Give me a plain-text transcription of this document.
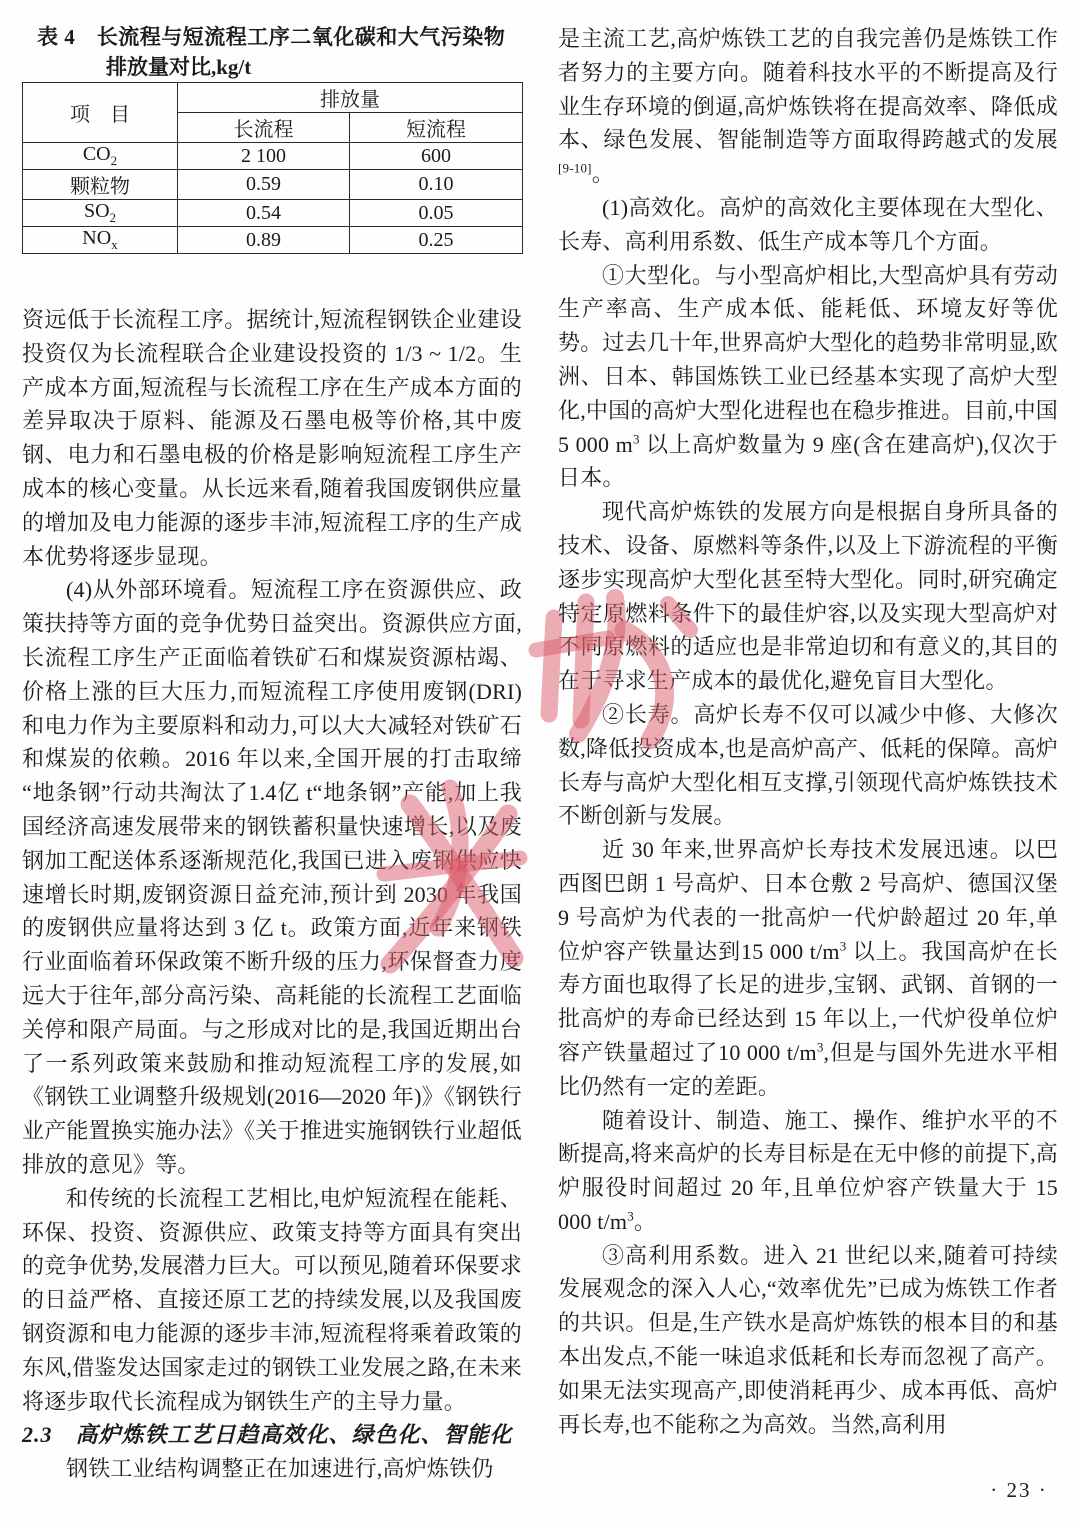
表 4　长流程与短流程工序二氧化碳和大气污染物
排放量对比,kg/t
项　目	排放量	
	长流程	短流程
$CO_2$	2 100	600
颗粒物	0.59	0.10
$SO_2$	0.54	0.05
$NO_x$	0.89	0.25
资远低于长流程工序。据统计,短流程钢铁企业建设投资仅为长流程联合企业建设投资的 1/3 ~ 1/2。生产成本方面,短流程与长流程工序在生产成本方面的差异取决于原料、能源及石墨电极等价格,其中废钢、电力和石墨电极的价格是影响短流程工序生产成本的核心变量。从长远来看,随着我国废钢供应量的增加及电力能源的逐步丰沛,短流程工序的生产成本优势将逐步显现。
(4)从外部环境看。短流程工序在资源供应、政策扶持等方面的竞争优势日益突出。资源供应方面,长流程工序生产正面临着铁矿石和煤炭资源枯竭、价格上涨的巨大压力,而短流程工序使用废钢(DRI)和电力作为主要原料和动力,可以大大减轻对铁矿石和煤炭的依赖。2016 年以来,全国开展的打击取缔“地条钢”行动共淘汰了1.4亿 t“地条钢”产能,加上我国经济高速发展带来的钢铁蓄积量快速增长,以及废钢加工配送体系逐渐规范化,我国已进入废钢供应快速增长时期,废钢资源日益充沛,预计到 2030 年我国的废钢供应量将达到 3 亿 t。政策方面,近年来钢铁行业面临着环保政策不断升级的压力,环保督查力度远大于往年,部分高污染、高耗能的长流程工艺面临关停和限产局面。与之形成对比的是,我国近期出台了一系列政策来鼓励和推动短流程工序的发展,如《钢铁工业调整升级规划(2016—2020 年)》《钢铁行业产能置换实施办法》《关于推进实施钢铁行业超低排放的意见》等。
和传统的长流程工艺相比,电炉短流程在能耗、环保、投资、资源供应、政策支持等方面具有突出的竞争优势,发展潜力巨大。可以预见,随着环保要求的日益严格、直接还原工艺的持续发展,以及我国废钢资源和电力能源的逐步丰沛,短流程将乘着政策的东风,借鉴发达国家走过的钢铁工业发展之路,在未来将逐步取代长流程成为钢铁生产的主导力量。
2.3　高炉炼铁工艺日趋高效化、绿色化、智能化
钢铁工业结构调整正在加速进行,高炉炼铁仍
是主流工艺,高炉炼铁工艺的自我完善仍是炼铁工作者努力的主要方向。随着科技水平的不断提高及行业生存环境的倒逼,高炉炼铁将在提高效率、降低成本、绿色发展、智能制造等方面取得跨越式的发展[9-10]。
(1)高效化。高炉的高效化主要体现在大型化、长寿、高利用系数、低生产成本等几个方面。
①大型化。与小型高炉相比,大型高炉具有劳动生产率高、生产成本低、能耗低、环境友好等优势。过去几十年,世界高炉大型化的趋势非常明显,欧洲、日本、韩国炼铁工业已经基本实现了高炉大型化,中国的高炉大型化进程也在稳步推进。目前,中国 5 000 $m^3$ 以上高炉数量为 9 座(含在建高炉),仅次于日本。
现代高炉炼铁的发展方向是根据自身所具备的技术、设备、原燃料等条件,以及上下游流程的平衡逐步实现高炉大型化甚至特大型化。同时,研究确定特定原燃料条件下的最佳炉容,以及实现大型高炉对不同原燃料的适应也是非常迫切和有意义的,其目的在于寻求生产成本的最优化,避免盲目大型化。
②长寿。高炉长寿不仅可以减少中修、大修次数,降低投资成本,也是高炉高产、低耗的保障。高炉长寿与高炉大型化相互支撑,引领现代高炉炼铁技术不断创新与发展。
近 30 年来,世界高炉长寿技术发展迅速。以巴西图巴朗 1 号高炉、日本仓敷 2 号高炉、德国汉堡 9 号高炉为代表的一批高炉一代炉龄超过 20 年,单位炉容产铁量达到15 000 $t/m^3$ 以上。我国高炉在长寿方面也取得了长足的进步,宝钢、武钢、首钢的一批高炉的寿命已经达到 15 年以上,一代炉役单位炉容产铁量超过了10 000 $t/m^3$,但是与国外先进水平相比仍然有一定的差距。
随着设计、制造、施工、操作、维护水平的不断提高,将来高炉的长寿目标是在无中修的前提下,高炉服役时间超过 20 年,且单位炉容产铁量大于 15 000 $t/m^3$。
③高利用系数。进入 21 世纪以来,随着可持续发展观念的深入人心,“效率优先”已成为炼铁工作者的共识。但是,生产铁水是高炉炼铁的根本目的和基本出发点,不能一味追求低耗和长寿而忽视了高产。如果无法实现高产,即使消耗再少、成本再低、高炉再长寿,也不能称之为高效。当然,高利用
· 23 ·
